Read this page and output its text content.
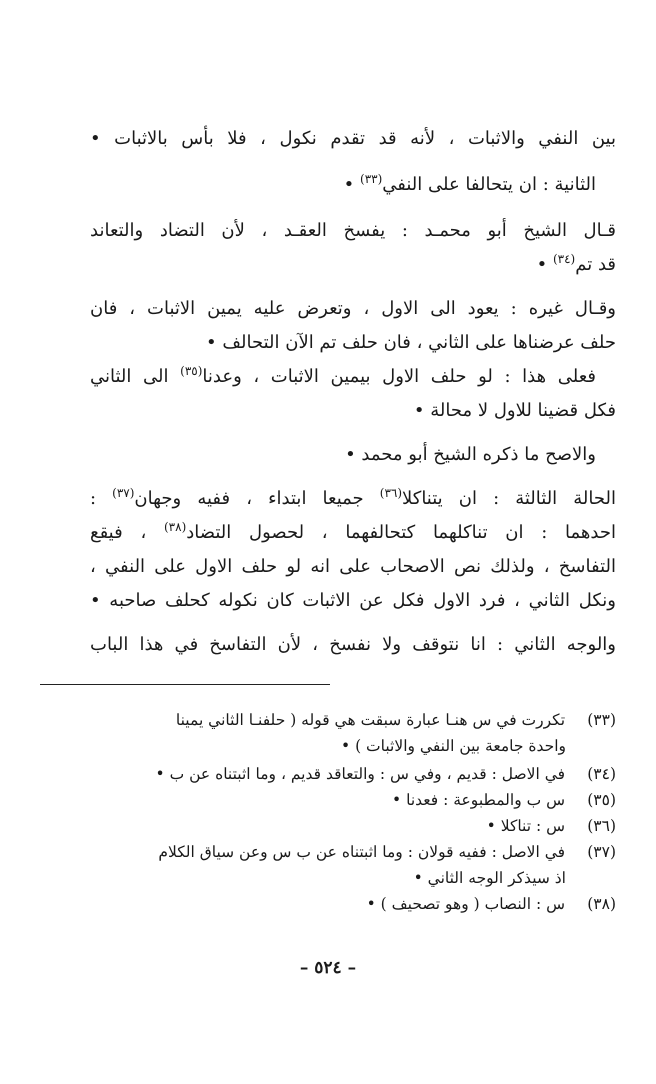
بين النفي والاثبات ، لأنه قد تقدم نكول ، فلا بأس بالاثبات •
الثانية : ان يتحالفا على النفي$^{(٣٣)}$ •
قـال الشيخ أبو محمـد : يفسخ العقـد ، لأن التضاد والتعاند
قد تم$^{(٣٤)}$ •
وقـال غيره : يعود الى الاول ، وتعرض عليه يمين الاثبات ، فان
حلف عرضناها على الثاني ، فان حلف تم الآن التحالف •
فعلى هذا : لو حلف الاول بيمين الاثبات ، وعدنا$^{(٣٥)}$ الى الثاني
فكل قضينا للاول لا محالة •
والاصح ما ذكره الشيخ أبو محمد •
الحالة الثالثة : ان يتناكلا$^{(٣٦)}$ جميعا ابتداء ، ففيه وجهان$^{(٣٧)}$ :
احدهما : ان تناكلهما كتحالفهما ، لحصول التضاد$^{(٣٨)}$ ، فيقع
التفاسخ ، ولذلك نص الاصحاب على انه لو حلف الاول على النفي ،
ونكل الثاني ، فرد الاول فكل عن الاثبات كان نكوله كحلف صاحبه •
والوجه الثاني : انا نتوقف ولا نفسخ ، لأن التفاسخ في هذا الباب
(٣٣) تكررت في س هنـا عبارة سبقت هي قوله ( حلفنـا الثاني يمينا
واحدة جامعة بين النفي والاثبات ) •
(٣٤) في الاصل : قديم ، وفي س : والتعاقد قديم ، وما اثبتناه عن ب •
(٣٥) س ب والمطبوعة : فعدنا •
(٣٦) س : تناكلا •
(٣٧) في الاصل : ففيه قولان : وما اثبتناه عن ب س وعن سياق الكلام
اذ سيذكر الوجه الثاني •
(٣٨) س : النصاب ( وهو تصحيف ) •
– ٥٢٤ –
